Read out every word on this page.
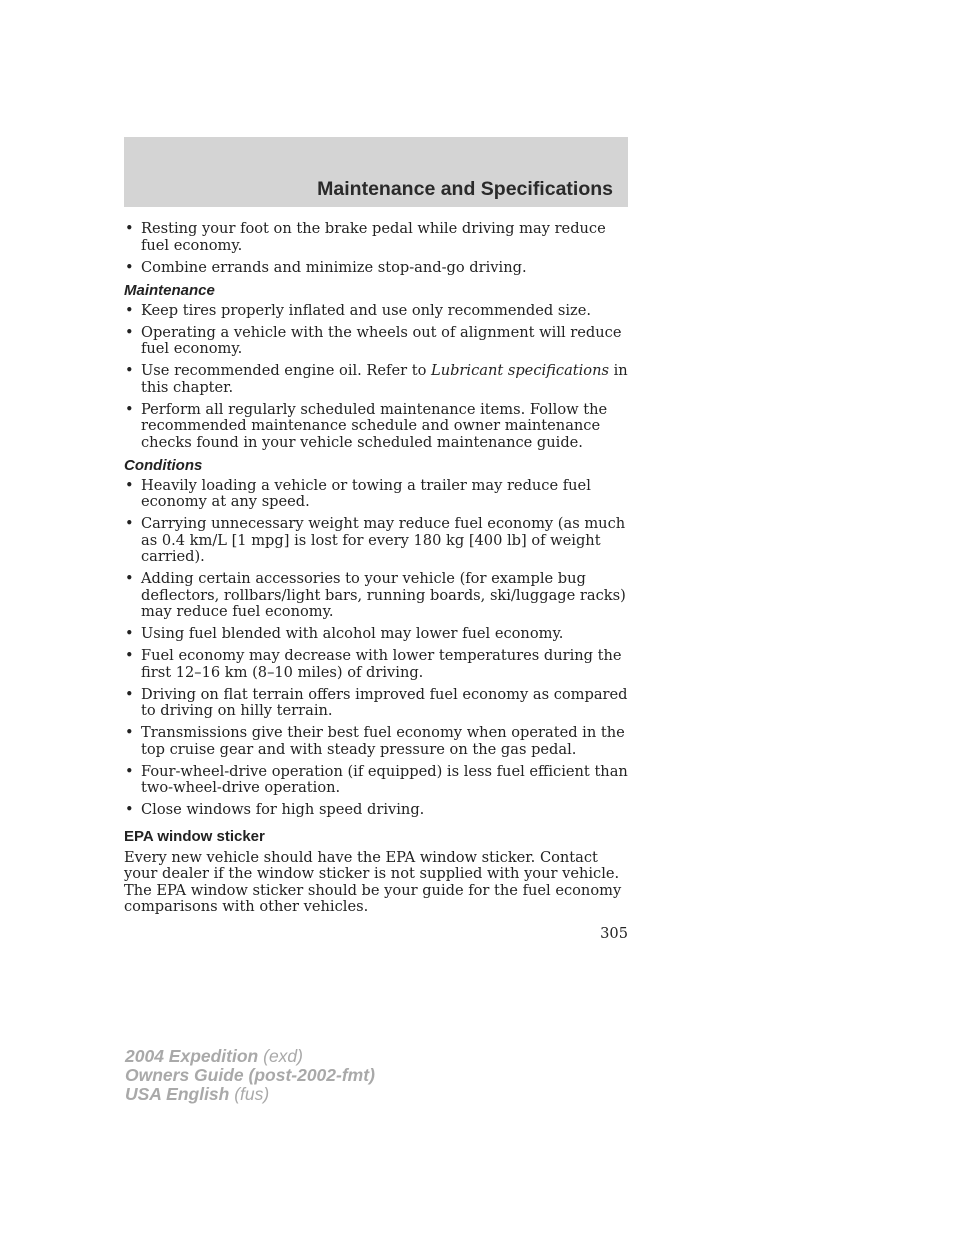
Maintenance and Specifications
• Resting your foot on the brake pedal while driving may reduce fuel economy.
• Combine errands and minimize stop-and-go driving.
Maintenance
• Keep tires properly inflated and use only recommended size.
• Operating a vehicle with the wheels out of alignment will reduce fuel economy.
• Use recommended engine oil. Refer to Lubricant specifications in this chapter.
• Perform all regularly scheduled maintenance items. Follow the recommended maintenance schedule and owner maintenance checks found in your vehicle scheduled maintenance guide.
Conditions
• Heavily loading a vehicle or towing a trailer may reduce fuel economy at any speed.
• Carrying unnecessary weight may reduce fuel economy (as much as 0.4 km/L [1 mpg] is lost for every 180 kg [400 lb] of weight carried).
• Adding certain accessories to your vehicle (for example bug deflectors, rollbars/light bars, running boards, ski/luggage racks) may reduce fuel economy.
• Using fuel blended with alcohol may lower fuel economy.
• Fuel economy may decrease with lower temperatures during the first 12–16 km (8–10 miles) of driving.
• Driving on flat terrain offers improved fuel economy as compared to driving on hilly terrain.
• Transmissions give their best fuel economy when operated in the top cruise gear and with steady pressure on the gas pedal.
• Four-wheel-drive operation (if equipped) is less fuel efficient than two-wheel-drive operation.
• Close windows for high speed driving.
EPA window sticker

Every new vehicle should have the EPA window sticker. Contact your dealer if the window sticker is not supplied with your vehicle. The EPA window sticker should be your guide for the fuel economy comparisons with other vehicles.

305
2004 Expedition (exd)
Owners Guide (post-2002-fmt)
USA English (fus)
